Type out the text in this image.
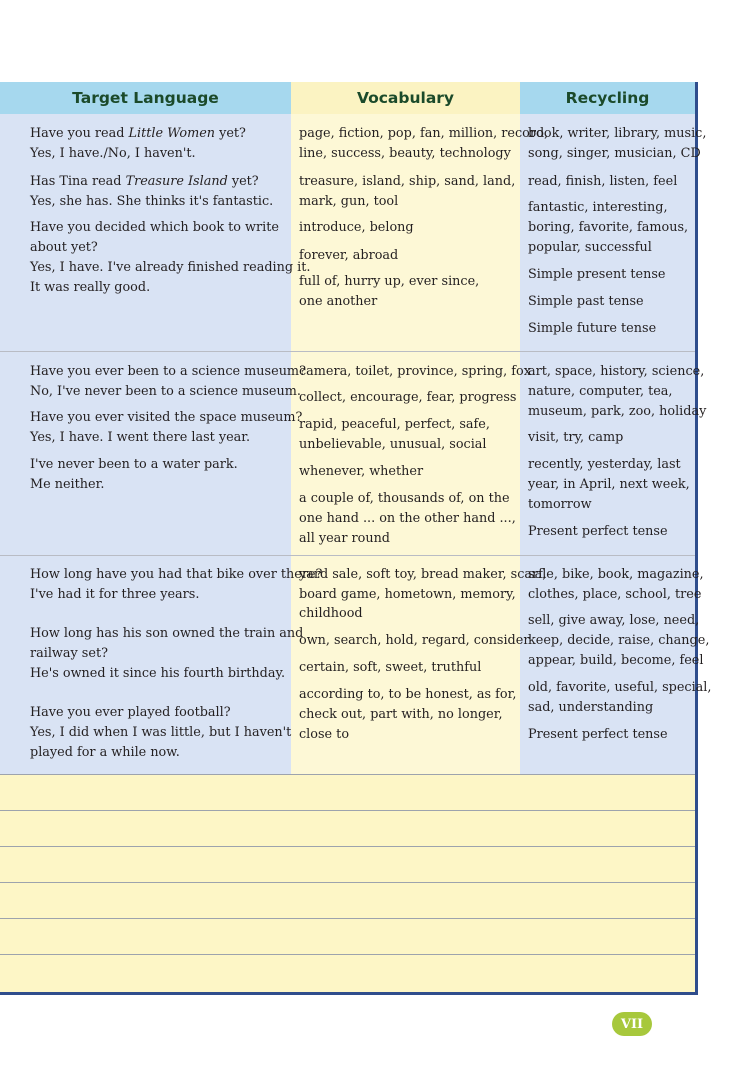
Target Language	Vocabulary	Recycling
Have you read Little Women yet?
Yes, I have./No, I haven't.
Has Tina read Treasure Island yet?
Yes, she has. She thinks it's fantastic.
Have you decided which book to write
about yet?
Yes, I have. I've already finished reading it.
It was really good.
page, fiction, pop, fan, million, record,
line, success, beauty, technology
treasure, island, ship, sand, land,
mark, gun, tool
introduce, belong
forever, abroad
full of, hurry up, ever since,
one another
book, writer, library, music,
song, singer, musician, CD
read, finish, listen, feel
fantastic, interesting,
boring, favorite, famous,
popular, successful
Simple present tense
Simple past tense
Simple future tense
Have you ever been to a science museum?
No, I've never been to a science museum.
Have you ever visited the space museum?
Yes, I have. I went there last year.
I've never been to a water park.
Me neither.
camera, toilet, province, spring, fox
collect, encourage, fear, progress
rapid, peaceful, perfect, safe,
unbelievable, unusual, social
whenever, whether
a couple of, thousands of, on the
one hand ... on the other hand ...,
all year round
art, space, history, science,
nature, computer, tea,
museum, park, zoo, holiday
visit, try, camp
recently, yesterday, last
year, in April, next week,
tomorrow
Present perfect tense
How long have you had that bike over there?
I've had it for three years.
How long has his son owned the train and
railway set?
He's owned it since his fourth birthday.
Have you ever played football?
Yes, I did when I was little, but I haven't
played for a while now.
yard sale, soft toy, bread maker, scarf,
board game, hometown, memory,
childhood
own, search, hold, regard, consider
certain, soft, sweet, truthful
according to, to be honest, as for,
check out, part with, no longer,
close to
sale, bike, book, magazine,
clothes, place, school, tree
sell, give away, lose, need,
keep, decide, raise, change,
appear, build, become, feel
old, favorite, useful, special,
sad, understanding
Present perfect tense
VII
